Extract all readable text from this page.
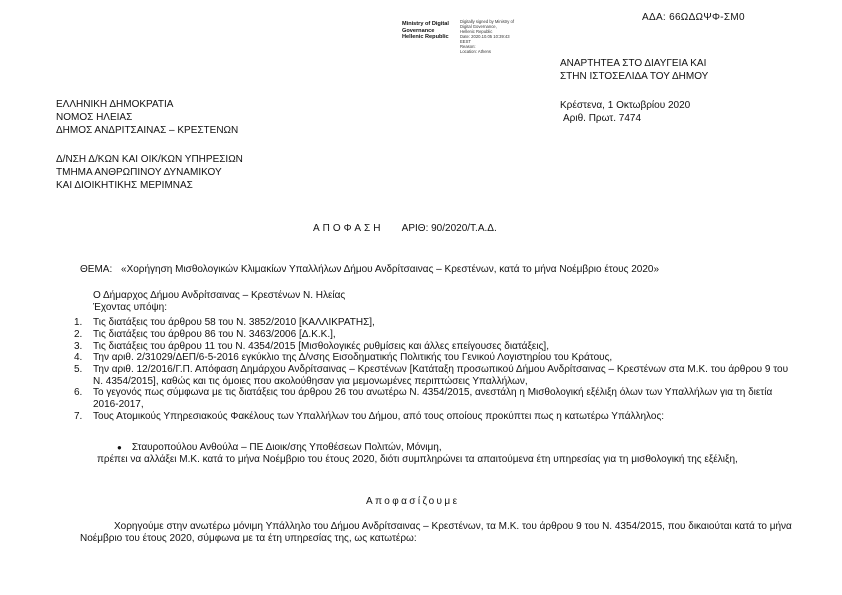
ΑΔΑ: 66ΩΔΩΨΦ-ΣΜ0
Ministry of Digital
Governance
Hellenic Republic
Digitally signed by Ministry of
Digital Governance,
Hellenic Republic
Date: 2020.10.05 10:39:43
EEST
Reason:
Location: Athens
ΑΝΑΡΤΗΤΕΑ ΣΤΟ ΔΙΑΥΓΕΙΑ ΚΑΙ
ΣΤΗΝ ΙΣΤΟΣΕΛΙΔΑ ΤΟΥ ΔΗΜΟΥ
ΕΛΛΗΝΙΚΗ ΔΗΜΟΚΡΑΤΙΑ
ΝΟΜΟΣ ΗΛΕΙΑΣ
ΔΗΜΟΣ ΑΝΔΡΙΤΣΑΙΝΑΣ – ΚΡΕΣΤΕΝΩΝ
Κρέστενα, 1 Οκτωβρίου 2020
Αριθ. Πρωτ. 7474
Δ/ΝΣΗ Δ/ΚΩΝ ΚΑΙ ΟΙΚ/ΚΩΝ ΥΠΗΡΕΣΙΩΝ
ΤΜΗΜΑ ΑΝΘΡΩΠΙΝΟΥ ΔΥΝΑΜΙΚΟΥ
ΚΑΙ ΔΙΟΙΚΗΤΙΚΗΣ ΜΕΡΙΜΝΑΣ
ΑΠΟΦΑΣΗ ΑΡΙΘ: 90/2020/Τ.Α.Δ.
ΘΕΜΑ: «Χορήγηση Μισθολογικών Κλιμακίων Υπαλλήλων Δήμου Ανδρίτσαινας – Κρεστένων, κατά το μήνα Νοέμβριο έτους 2020»
Ο Δήμαρχος Δήμου Ανδρίτσαινας – Κρεστένων Ν. Ηλείας
Έχοντας υπόψη:
1. Τις διατάξεις του άρθρου 58 του Ν. 3852/2010 [ΚΑΛΛΙΚΡΑΤΗΣ],
2. Τις διατάξεις του άρθρου 86 του Ν. 3463/2006 [Δ.Κ.Κ.],
3. Τις διατάξεις του άρθρου 11 του Ν. 4354/2015 [Μισθολογικές ρυθμίσεις και άλλες επείγουσες διατάξεις],
4. Την αριθ. 2/31029/ΔΕΠ/6-5-2016 εγκύκλιο της Δ/νσης Εισοδηματικής Πολιτικής του Γενικού Λογιστηρίου του Κράτους,
5. Την αριθ. 12/2016/Γ.Π. Απόφαση Δημάρχου Ανδρίτσαινας – Κρεστένων [Κατάταξη προσωπικού Δήμου Ανδρίτσαινας – Κρεστένων στα Μ.Κ. του άρθρου 9 του Ν. 4354/2015], καθώς και τις όμοιες που ακολούθησαν για μεμονωμένες περιπτώσεις Υπαλλήλων,
6. Το γεγονός πως σύμφωνα με τις διατάξεις του άρθρου 26 του ανωτέρω Ν. 4354/2015, ανεστάλη η Μισθολογική εξέλιξη όλων των Υπαλλήλων για τη διετία 2016-2017,
7. Τους Ατομικούς Υπηρεσιακούς Φακέλους των Υπαλλήλων του Δήμου, από τους οποίους προκύπτει πως η κατωτέρω Υπάλληλος:
● Σταυροπούλου Ανθούλα – ΠΕ Διοικ/σης Υποθέσεων Πολιτών, Μόνιμη,
πρέπει να αλλάξει Μ.Κ. κατά το μήνα Νοέμβριο του έτους 2020, διότι συμπληρώνει τα απαιτούμενα έτη υπηρεσίας για τη μισθολογική της εξέλιξη,
Αποφασίζουμε
Χορηγούμε στην ανωτέρω μόνιμη Υπάλληλο του Δήμου Ανδρίτσαινας – Κρεστένων, τα Μ.Κ. του άρθρου 9 του Ν. 4354/2015, που δικαιούται κατά το μήνα Νοέμβριο του έτους 2020, σύμφωνα με τα έτη υπηρεσίας της, ως κατωτέρω:
